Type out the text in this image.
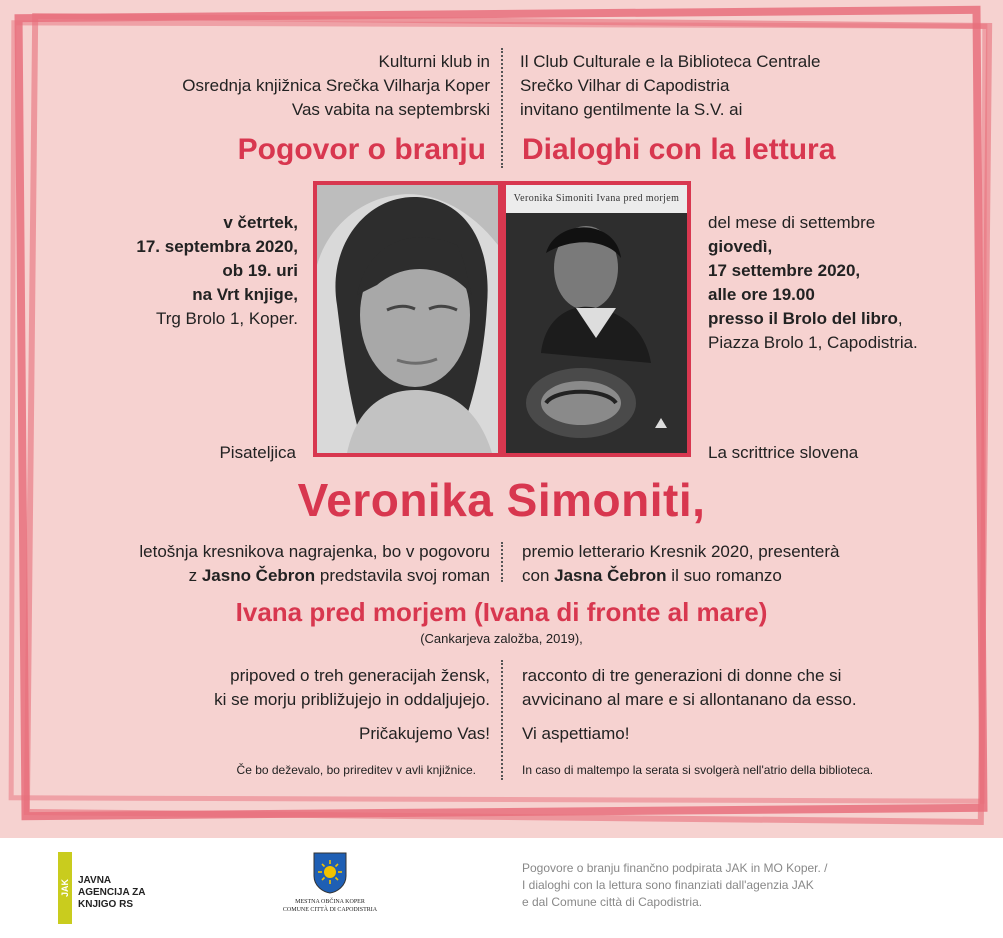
Kulturni klub in
Osrednja knjižnica Srečka Vilharja Koper
Vas vabita na septembrski
Il Club Culturale e la Biblioteca Centrale
Srečko Vilhar di Capodistria
invitano gentilmente la S.V. ai
Pogovor o branju Dialoghi con la lettura
Veronika Simoniti Ivana pred morjem
v četrtek,
17. septembra 2020,
ob 19. uri
na Vrt knjige,
Trg Brolo 1, Koper.
del mese di settembre
giovedì,
17 settembre 2020,
alle ore 19.00
presso il Brolo del libro,
Piazza Brolo 1, Capodistria.
Pisateljica	La scrittrice slovena
Veronika Simoniti,
letošnja kresnikova nagrajenka, bo v pogovoru
z Jasno Čebron predstavila svoj roman
premio letterario Kresnik 2020, presenterà
con Jasna Čebron il suo romanzo
Ivana pred morjem (Ivana di fronte al mare)
(Cankarjeva založba, 2019),
pripoved o treh generacijah žensk,
ki se morju približujejo in oddaljujejo.
racconto di tre generazioni di donne che si
avvicinano al mare e si allontanano da esso.
Pričakujemo Vas! Vi aspettiamo!
Če bo deževalo, bo prireditev v avli knjižnice.	In caso di maltempo la serata si svolgerà nell'atrio della biblioteca.
JAK JAVNA
AGENCIJA ZA
KNJIGO RS	MESTNA OBČINA KOPER
COMUNE CITTÀ DI CAPODISTRIA
Pogovore o branju finančno podpirata JAK in MO Koper. /
I dialoghi con la lettura sono finanziati dall'agenzia JAK
e dal Comune città di Capodistria.
